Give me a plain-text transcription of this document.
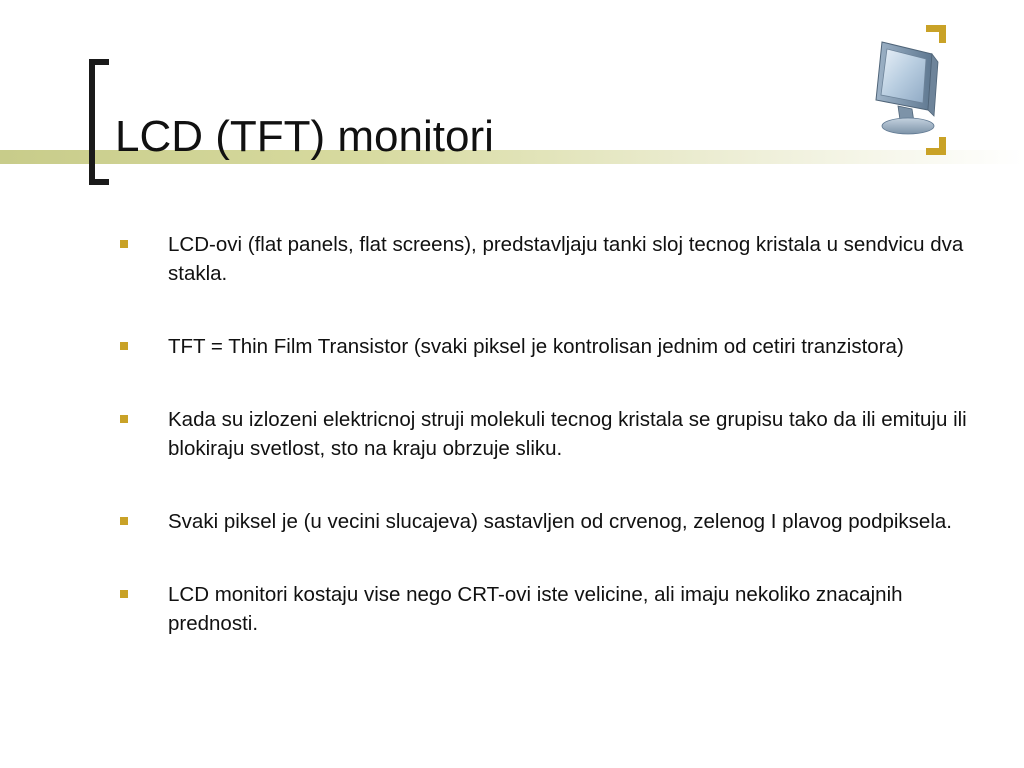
LCD (TFT) monitori
LCD-ovi (flat panels, flat screens), predstavljaju tanki sloj tecnog kristala u sendvicu dva stakla.
TFT = Thin Film Transistor (svaki piksel je kontrolisan jednim od cetiri tranzistora)
Kada su izlozeni elektricnoj struji molekuli tecnog kristala se grupisu tako da ili emituju ili blokiraju svetlost, sto na kraju obrzuje sliku.
Svaki piksel je (u vecini slucajeva) sastavljen od crvenog, zelenog I plavog podpiksela.
LCD monitori kostaju vise nego CRT-ovi iste velicine, ali imaju nekoliko znacajnih prednosti.
